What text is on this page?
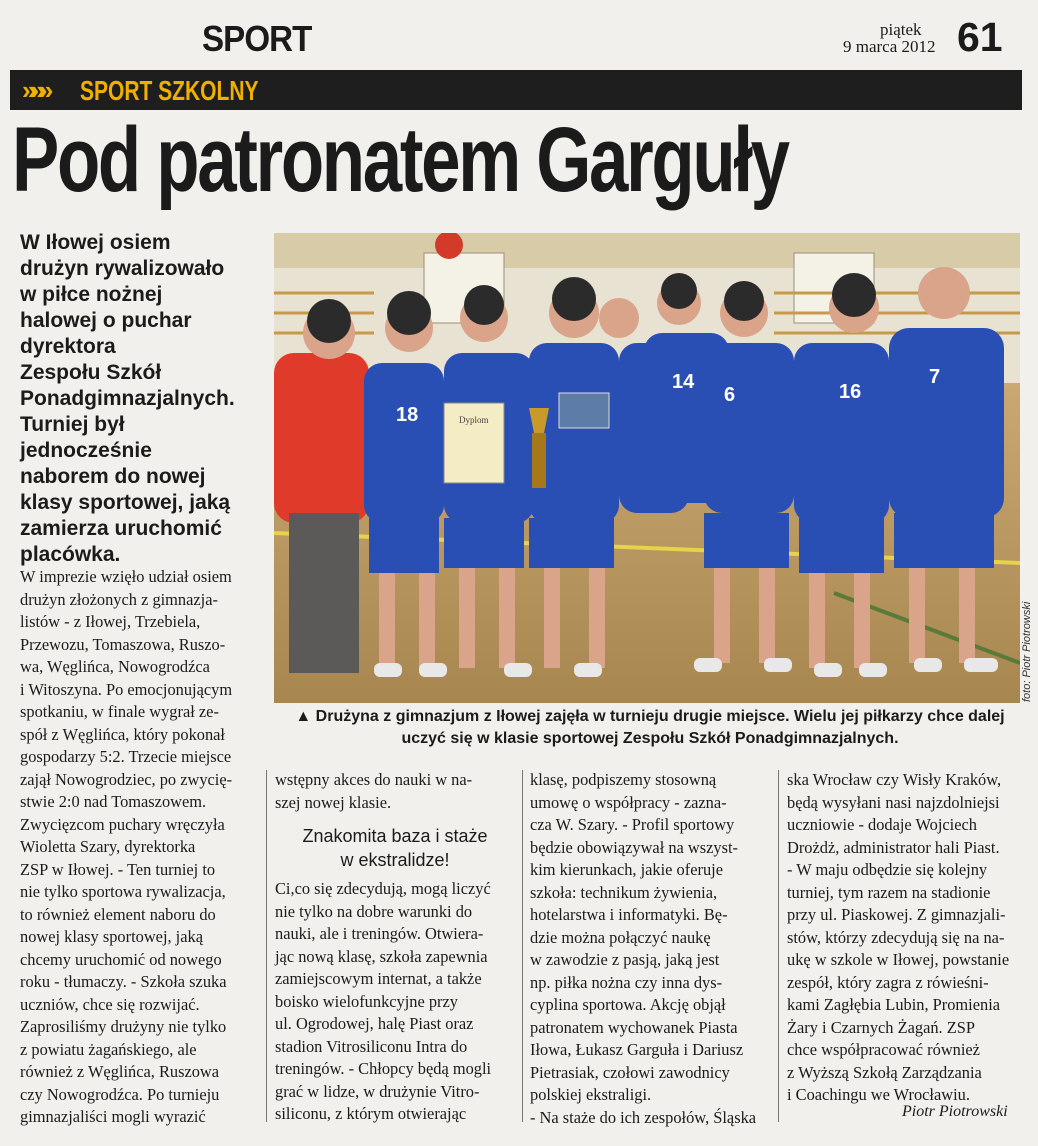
SPORT	piątek
9 marca 2012 61
»»» SPORT SZKOLNY
Pod patronatem Garguły
W Iłowej osiem
drużyn rywalizowało
w piłce nożnej
halowej o puchar
dyrektora
Zespołu Szkół
Ponadgimnazjalnych.
Turniej był
jednocześnie
naborem do nowej
klasy sportowej, jaką
zamierza uruchomić
placówka.
Dyplom
18
14
6	16
7
foto: Piotr Piotrowski
▲ Drużyna z gimnazjum z Iłowej zajęła w turnieju drugie miejsce. Wielu jej piłkarzy chce dalej
uczyć się w klasie sportowej Zespołu Szkół Ponadgimnazjalnych.
W imprezie wzięło udział osiem
drużyn złożonych z gimnazja-
listów - z Iłowej, Trzebiela,
Przewozu, Tomaszowa, Ruszo-
wa, Węglińca, Nowogrodźca
i Witoszyna. Po emocjonującym
spotkaniu, w finale wygrał ze-
spół z Węglińca, który pokonał
gospodarzy 5:2. Trzecie miejsce
zajął Nowogrodziec, po zwycię-
stwie 2:0 nad Tomaszowem.
Zwycięzcom puchary wręczyła
Wioletta Szary, dyrektorka
ZSP w Iłowej. - Ten turniej to
nie tylko sportowa rywalizacja,
to również element naboru do
nowej klasy sportowej, jaką
chcemy uruchomić od nowego
roku - tłumaczy. - Szkoła szuka
uczniów, chce się rozwijać.
Zaprosiliśmy drużyny nie tylko
z powiatu żagańskiego, ale
również z Węglińca, Ruszowa
czy Nowogrodźca. Po turnieju
gimnazjaliści mogli wyrazić
wstępny akces do nauki w na-
szej nowej klasie.
Znakomita baza i staże
w ekstralidze!
Ci,co się zdecydują, mogą liczyć
nie tylko na dobre warunki do
nauki, ale i treningów. Otwiera-
jąc nową klasę, szkoła zapewnia
zamiejscowym internat, a także
boisko wielofunkcyjne przy
ul. Ogrodowej, halę Piast oraz
stadion Vitrosiliconu Intra do
treningów. - Chłopcy będą mogli
grać w lidze, w drużynie Vitro-
siliconu, z którym otwierając
klasę, podpiszemy stosowną
umowę o współpracy - zazna-
cza W. Szary. - Profil sportowy
będzie obowiązywał na wszyst-
kim kierunkach, jakie oferuje
szkoła: technikum żywienia,
hotelarstwa i informatyki. Bę-
dzie można połączyć naukę
w zawodzie z pasją, jaką jest
np. piłka nożna czy inna dys-
cyplina sportowa. Akcję objął
patronatem wychowanek Piasta
Iłowa, Łukasz Garguła i Dariusz
Pietrasiak, czołowi zawodnicy
polskiej ekstraligi.
- Na staże do ich zespołów, Śląska
ska Wrocław czy Wisły Kraków,
będą wysyłani nasi najzdolniejsi
uczniowie - dodaje Wojciech
Drożdż, administrator hali Piast.
- W maju odbędzie się kolejny
turniej, tym razem na stadionie
przy ul. Piaskowej. Z gimnazjali-
stów, którzy zdecydują się na na-
ukę w szkole w Iłowej, powstanie
zespół, który zagra z rówieśni-
kami Zagłębia Lubin, Promienia
Żary i Czarnych Żagań. ZSP
chce współpracować również
z Wyższą Szkołą Zarządzania
i Coachingu we Wrocławiu.
Piotr Piotrowski
